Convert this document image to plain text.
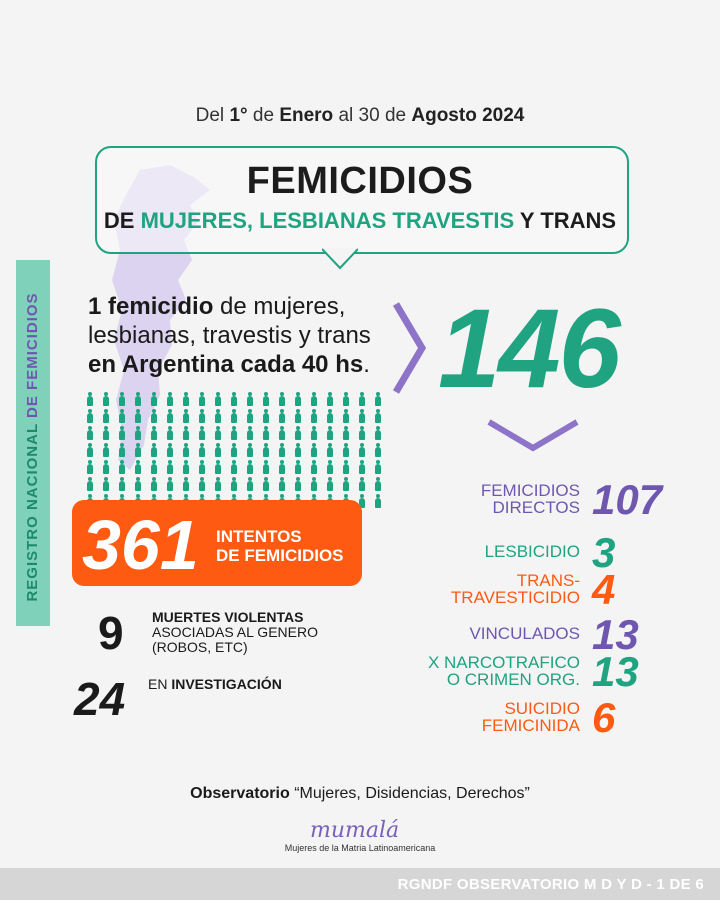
Del 1° de Enero al 30 de Agosto 2024
FEMICIDIOS
DE MUJERES, LESBIANAS TRAVESTIS Y TRANS
REGISTRO NACIONAL DE FEMICIDIOS	1 femicidio de mujeres, lesbianas, travestis y trans
en Argentina cada 40 hs. 146
361 INTENTOS
DE FEMICIDIOS
9 MUERTES VIOLENTAS
ASOCIADAS AL GENERO
(ROBOS, ETC)
24 EN INVESTIGACIÓN
FEMICIDIOS
DIRECTOS 107
LESBICIDIO 3
TRANS-
TRAVESTICIDIO 4
VINCULADOS 13
X NARCOTRAFICO
O CRIMEN ORG. 13
SUICIDIO
FEMICINIDA 6
Observatorio “Mujeres, Disidencias, Derechos”
mumalá
Mujeres de la Matria Latinoamericana
RGNDF OBSERVATORIO M D Y D - 1 DE 6
